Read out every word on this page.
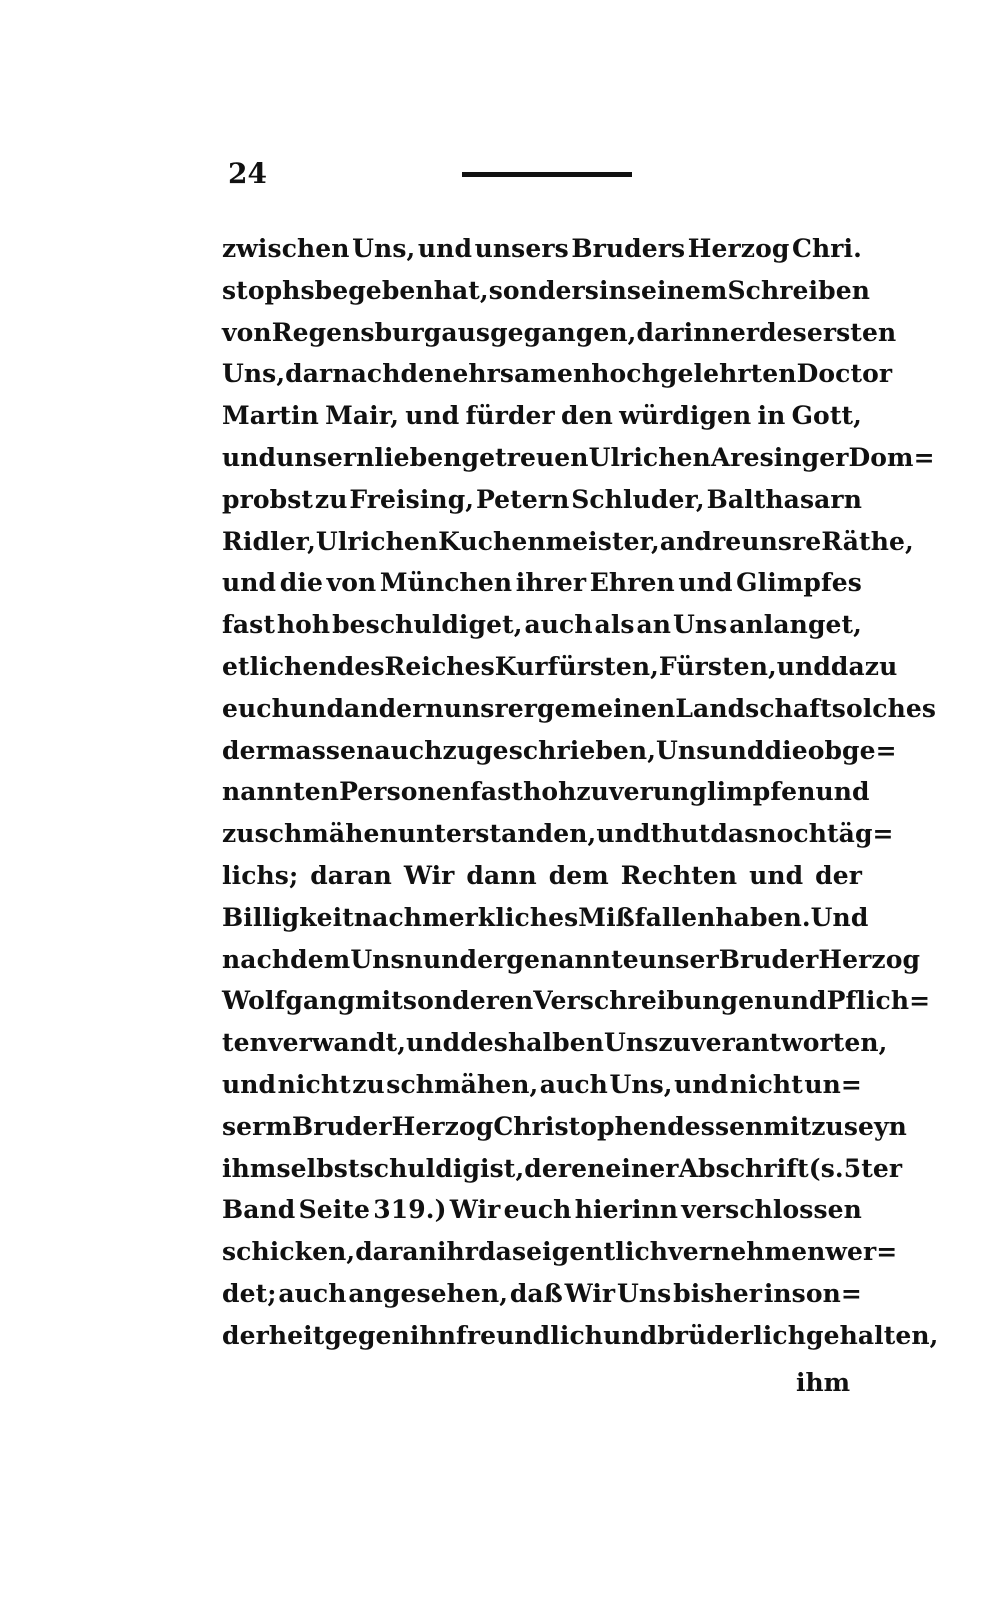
24
zwischen Uns, und unsers Bruders Herzog Chri.
stophs begeben hat, sonders in seinem Schreiben
von Regensburg ausgegangen, darinn er des ersten
Uns, darnach den ehrsamen hochgelehrten Doctor
Martin Mair, und fürder den würdigen in Gott,
und unsern lieben getreuen Ulrichen Aresinger Dom=
probst zu Freising, Petern Schluder, Balthasarn
Ridler, Ulrichen Kuchenmeister, andre unsre Räthe,
und die von München ihrer Ehren und Glimpfes
fast hoh beschuldiget, auch als an Uns anlanget,
etlichen des Reiches Kurfürsten, Fürsten, und dazu
euch und andern unsrer gemeinen Landschaft solches
dermassen auch zugeschrieben, Uns und die obge=
nannten Personen fast hoh zu verunglimpfen und
zu schmähen unterstanden, und thut das noch täg=
lichs; daran Wir dann dem Rechten und der
Billigkeit nach merkliches Mißfallen haben. Und
nachdem Uns nun der genannte unser Bruder Herzog
Wolfgang mit sonderen Verschreibungen und Pflich=
ten verwandt, und deshalben Uns zu verantworten,
und nicht zu schmähen, auch Uns, und nicht un=
serm Bruder Herzog Christophen dessen mit zu seyn
ihm selbst schuldig ist, deren einer Abschrift (s. 5ter
Band Seite 319.) Wir euch hierinn verschlossen
schicken, daran ihr das eigentlich vernehmen wer=
det; auch angesehen, daß Wir Uns bisher inson=
derheit gegen ihn freundlich und brüderlich gehalten,
ihm
